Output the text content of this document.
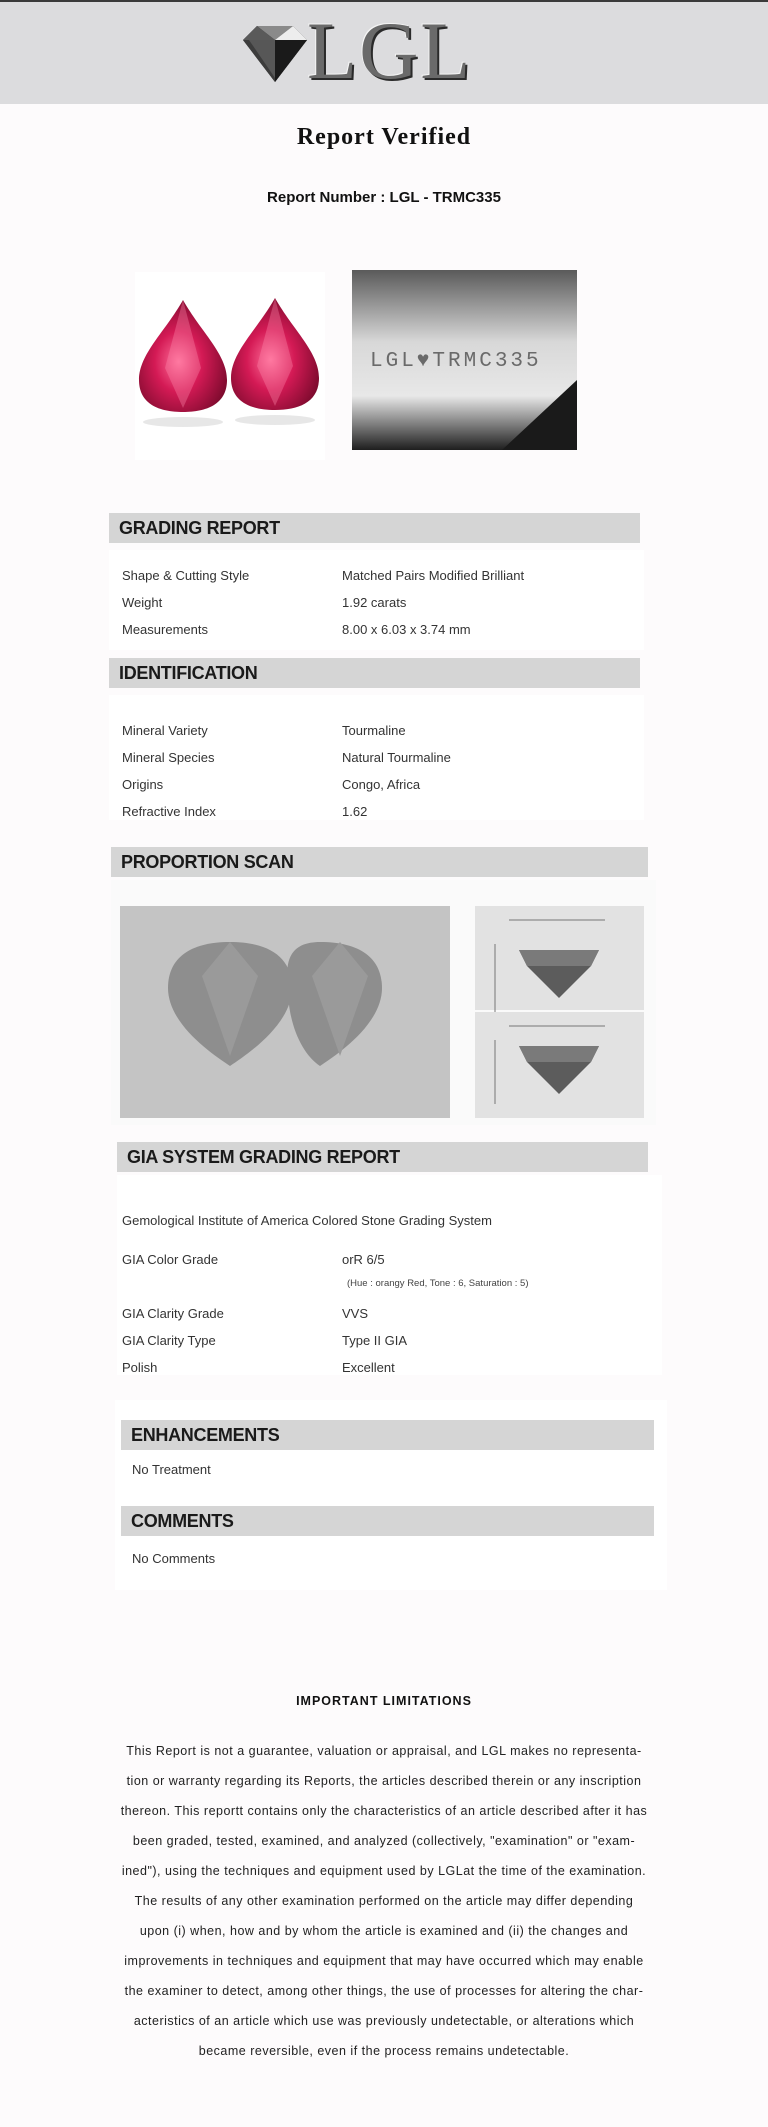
LGL
Report Verified
Report Number : LGL - TRMC335
LGL♥TRMC335
GRADING REPORT
Shape & Cutting Style	Matched Pairs Modified Brilliant
Weight	1.92 carats
Measurements	8.00 x 6.03 x 3.74 mm
IDENTIFICATION
Mineral Variety	Tourmaline
Mineral Species	Natural Tourmaline
Origins	Congo, Africa
Refractive Index	1.62
PROPORTION SCAN
GIA SYSTEM GRADING REPORT
Gemological Institute of America Colored Stone Grading System
GIA Color Grade	orR 6/5
(Hue : orangy Red, Tone : 6, Saturation : 5)
GIA Clarity Grade	VVS
GIA Clarity Type	Type II GIA
Polish	Excellent
ENHANCEMENTS
No Treatment
COMMENTS
No Comments
IMPORTANT LIMITATIONS
This Report is not a guarantee, valuation or appraisal, and LGL makes no representa-
tion or warranty regarding its Reports, the articles described therein or any inscription
thereon. This reportt contains only the characteristics of an article described after it has
been graded, tested, examined, and analyzed (collectively, "examination" or "exam-
ined"), using the techniques and equipment used by LGLat the time of the examination.
The results of any other examination performed on the article may differ depending
upon (i) when, how and by whom the article is examined and (ii) the changes and
improvements in techniques and equipment that may have occurred which may enable
the examiner to detect, among other things, the use of processes for altering the char-
acteristics of an article which use was previously undetectable, or alterations which
became reversible, even if the process remains undetectable.
